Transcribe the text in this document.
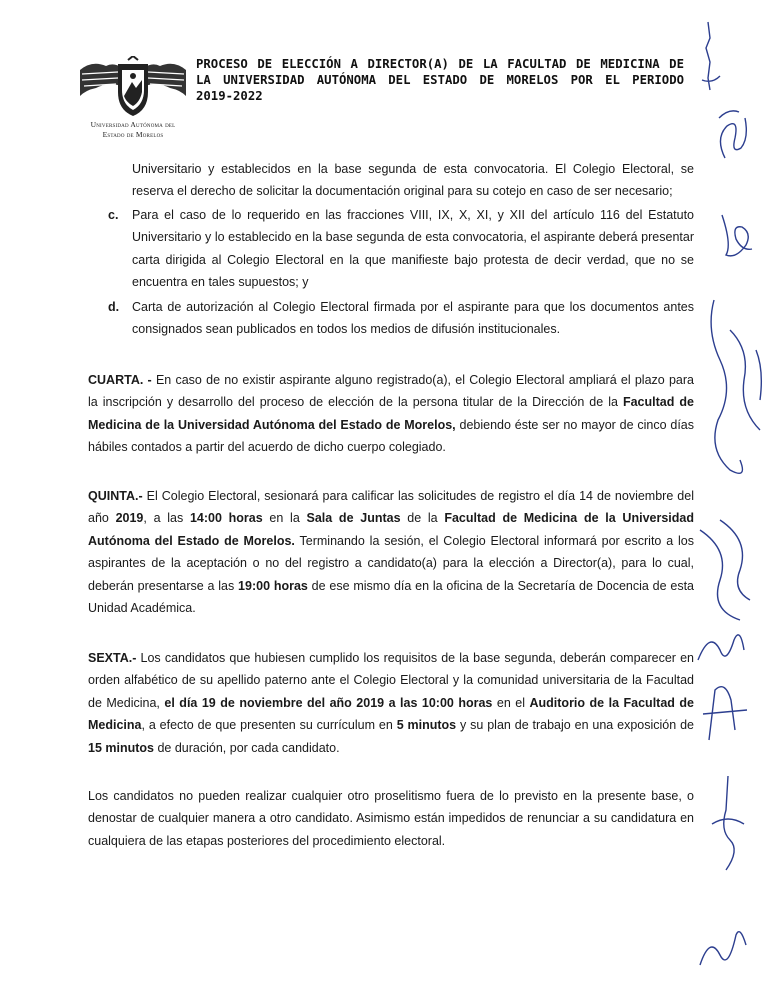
Universidad Autónoma del
Estado de Morelos
PROCESO DE ELECCIÓN A DIRECTOR(A) DE LA FACULTAD DE MEDICINA DE LA UNIVERSIDAD AUTÓNOMA DEL ESTADO DE MORELOS POR EL PERIODO 2019-2022

Universitario y establecidos en la base segunda de esta convocatoria. El Colegio Electoral, se reserva el derecho de solicitar la documentación original para su cotejo en caso de ser necesario;

c. Para el caso de lo requerido en las fracciones VIII, IX, X, XI, y XII del artículo 116 del Estatuto Universitario y lo establecido en la base segunda de esta convocatoria, el aspirante deberá presentar carta dirigida al Colegio Electoral en la que manifieste bajo protesta de decir verdad, que no se encuentra en tales supuestos; y
d. Carta de autorización al Colegio Electoral firmada por el aspirante para que los documentos antes consignados sean publicados en todos los medios de difusión institucionales.

CUARTA. - En caso de no existir aspirante alguno registrado(a), el Colegio Electoral ampliará el plazo para la inscripción y desarrollo del proceso de elección de la persona titular de la Dirección de la Facultad de Medicina de la Universidad Autónoma del Estado de Morelos, debiendo éste ser no mayor de cinco días hábiles contados a partir del acuerdo de dicho cuerpo colegiado.

QUINTA.- El Colegio Electoral, sesionará para calificar las solicitudes de registro el día 14 de noviembre del año 2019, a las 14:00 horas en la Sala de Juntas de la Facultad de Medicina de la Universidad Autónoma del Estado de Morelos. Terminando la sesión, el Colegio Electoral informará por escrito a los aspirantes de la aceptación o no del registro a candidato(a) para la elección a Director(a), para lo cual, deberán presentarse a las 19:00 horas de ese mismo día en la oficina de la Secretaría de Docencia de esta Unidad Académica.

SEXTA.- Los candidatos que hubiesen cumplido los requisitos de la base segunda, deberán comparecer en orden alfabético de su apellido paterno ante el Colegio Electoral y la comunidad universitaria de la Facultad de Medicina, el día 19 de noviembre del año 2019 a las 10:00 horas en el Auditorio de la Facultad de Medicina, a efecto de que presenten su currículum en 5 minutos y su plan de trabajo en una exposición de 15 minutos de duración, por cada candidato.

Los candidatos no pueden realizar cualquier otro proselitismo fuera de lo previsto en la presente base, o denostar de cualquier manera a otro candidato. Asimismo están impedidos de renunciar a su candidatura en cualquiera de las etapas posteriores del procedimiento electoral.
